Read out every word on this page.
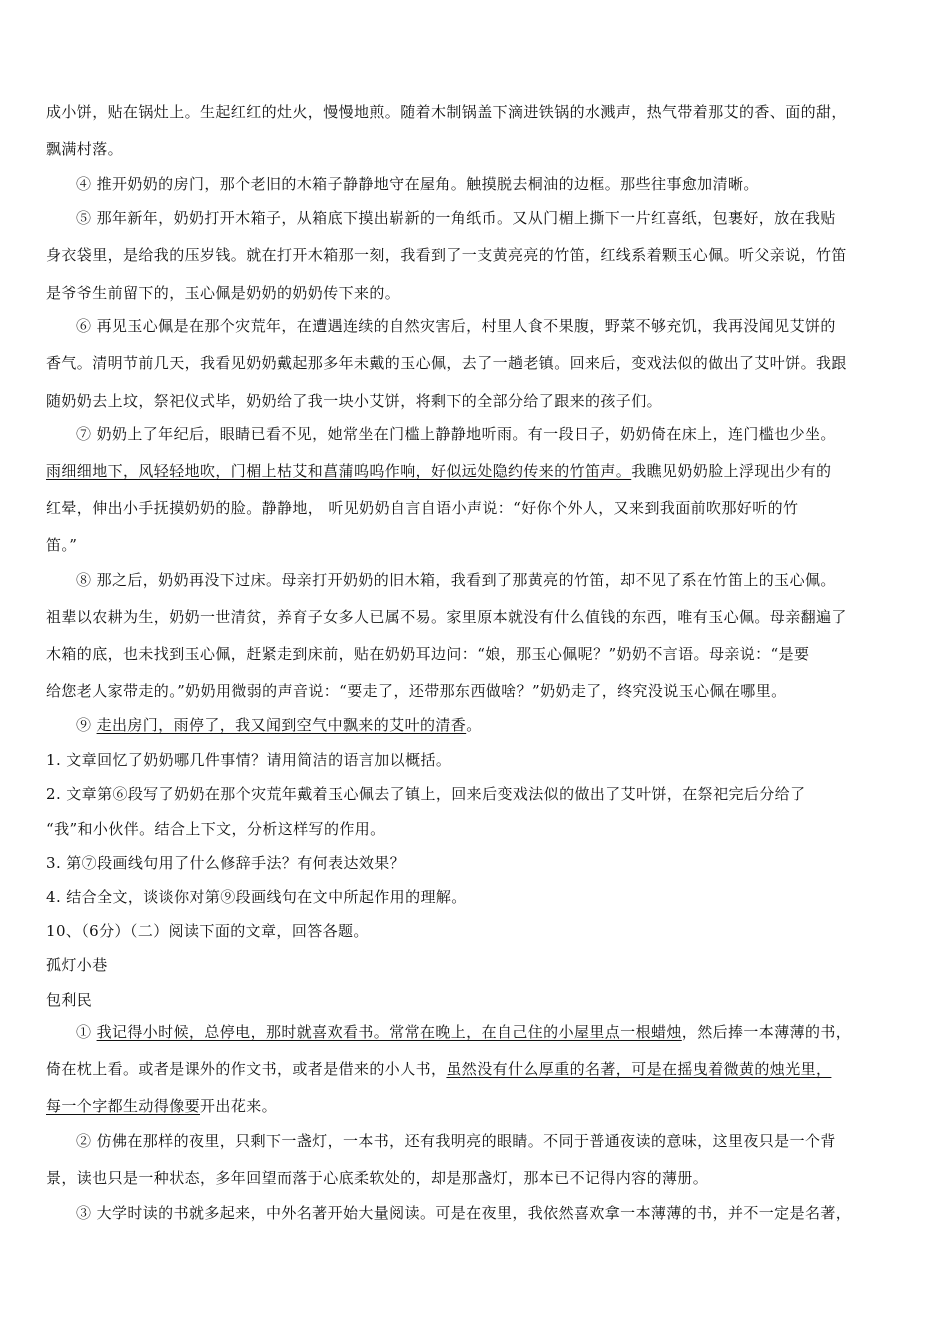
成小饼，贴在锅灶上。生起红红的灶火，慢慢地煎。随着木制锅盖下滴进铁锅的水溅声，热气带着那艾的香、面的甜，
飘满村落。
④ 推开奶奶的房门，那个老旧的木箱子静静地守在屋角。触摸脱去桐油的边框。那些往事愈加清晰。
⑤ 那年新年，奶奶打开木箱子，从箱底下摸出崭新的一角纸币。又从门楣上撕下一片红喜纸，包裹好，放在我贴
身衣袋里，是给我的压岁钱。就在打开木箱那一刻，我看到了一支黄亮亮的竹笛，红线系着颗玉心佩。听父亲说，竹笛
是爷爷生前留下的，玉心佩是奶奶的奶奶传下来的。
⑥ 再见玉心佩是在那个灾荒年，在遭遇连续的自然灾害后，村里人食不果腹，野菜不够充饥，我再没闻见艾饼的
香气。清明节前几天，我看见奶奶戴起那多年未戴的玉心佩，去了一趟老镇。回来后，变戏法似的做出了艾叶饼。我跟
随奶奶去上坟，祭祀仪式毕，奶奶给了我一块小艾饼，将剩下的全部分给了跟来的孩子们。
⑦ 奶奶上了年纪后，眼睛已看不见，她常坐在门槛上静静地听雨。有一段日子，奶奶倚在床上，连门槛也少坐。
雨细细地下，风轻轻地吹，门楣上枯艾和菖蒲呜呜作响，好似远处隐约传来的竹笛声。我瞧见奶奶脸上浮现出少有的
红晕，伸出小手抚摸奶奶的脸。静静地， 听见奶奶自言自语小声说：“好你个外人，又来到我面前吹那好听的竹
笛。”
⑧ 那之后，奶奶再没下过床。母亲打开奶奶的旧木箱，我看到了那黄亮的竹笛，却不见了系在竹笛上的玉心佩。
祖辈以农耕为生，奶奶一世清贫，养育子女多人已属不易。家里原本就没有什么值钱的东西，唯有玉心佩。母亲翻遍了
木箱的底，也未找到玉心佩，赶紧走到床前，贴在奶奶耳边问：“娘，那玉心佩呢？”奶奶不言语。母亲说：“是要
给您老人家带走的。”奶奶用微弱的声音说：“要走了，还带那东西做啥？”奶奶走了，终究没说玉心佩在哪里。
⑨ 走出房门，雨停了，我又闻到空气中飘来的艾叶的清香。
1. 文章回忆了奶奶哪几件事情？请用简洁的语言加以概括。
2. 文章第⑥段写了奶奶在那个灾荒年戴着玉心佩去了镇上，回来后变戏法似的做出了艾叶饼，在祭祀完后分给了
“我”和小伙伴。结合上下文，分析这样写的作用。
3. 第⑦段画线句用了什么修辞手法？有何表达效果？
4. 结合全文，谈谈你对第⑨段画线句在文中所起作用的理解。
10、（6分）（二）阅读下面的文章，回答各题。
孤灯小巷
包利民
① 我记得小时候，总停电，那时就喜欢看书。常常在晚上，在自己住的小屋里点一根蜡烛，然后捧一本薄薄的书，
倚在枕上看。或者是课外的作文书，或者是借来的小人书，虽然没有什么厚重的名著，可是在摇曳着微黄的烛光里，
每一个字都生动得像要开出花来。
② 仿佛在那样的夜里，只剩下一盏灯，一本书，还有我明亮的眼睛。不同于普通夜读的意味，这里夜只是一个背
景，读也只是一种状态，多年回望而落于心底柔软处的，却是那盏灯，那本已不记得内容的薄册。
③ 大学时读的书就多起来，中外名著开始大量阅读。可是在夜里，我依然喜欢拿一本薄薄的书，并不一定是名著，
